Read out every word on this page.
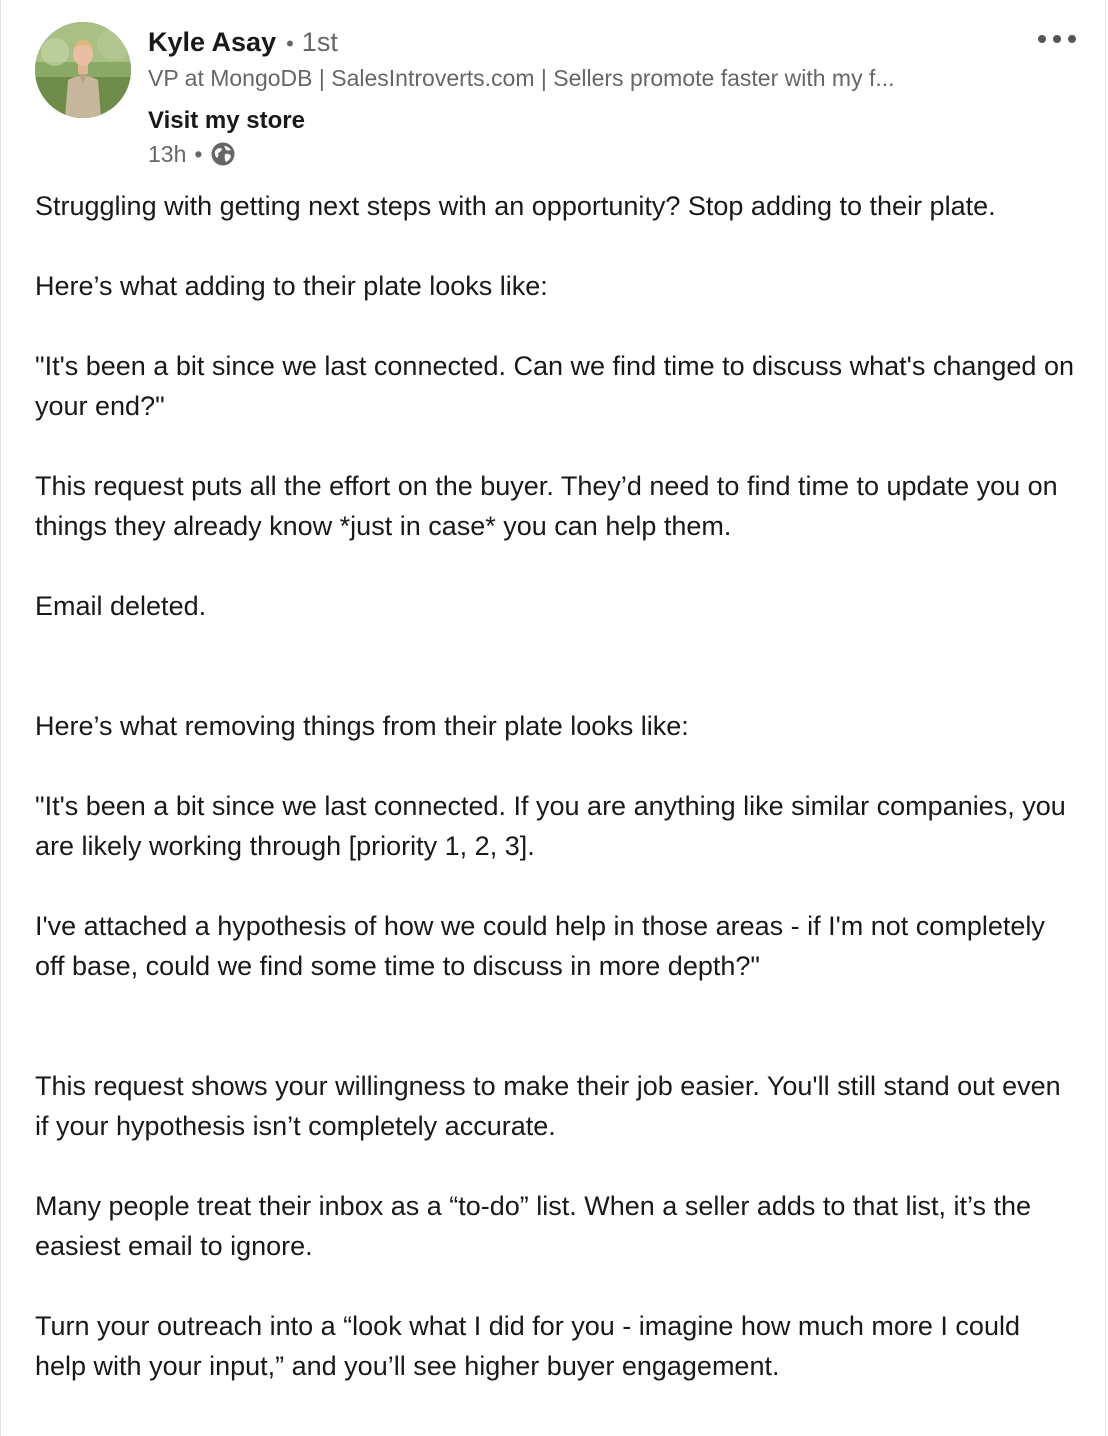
Kyle Asay • 1st
VP at MongoDB | SalesIntroverts.com | Sellers promote faster with my f...
Visit my store
13h •

Struggling with getting next steps with an opportunity? Stop adding to their plate.

Here’s what adding to their plate looks like:

"It's been a bit since we last connected. Can we find time to discuss what's changed on your end?"

This request puts all the effort on the buyer. They’d need to find time to update you on things they already know *just in case* you can help them.

Email deleted.

Here’s what removing things from their plate looks like:

"It's been a bit since we last connected. If you are anything like similar companies, you are likely working through [priority 1, 2, 3].

I've attached a hypothesis of how we could help in those areas - if I'm not completely off base, could we find some time to discuss in more depth?"

This request shows your willingness to make their job easier. You'll still stand out even if your hypothesis isn’t completely accurate.

Many people treat their inbox as a “to-do” list. When a seller adds to that list, it’s the easiest email to ignore.

Turn your outreach into a “look what I did for you - imagine how much more I could help with your input,” and you’ll see higher buyer engagement.
